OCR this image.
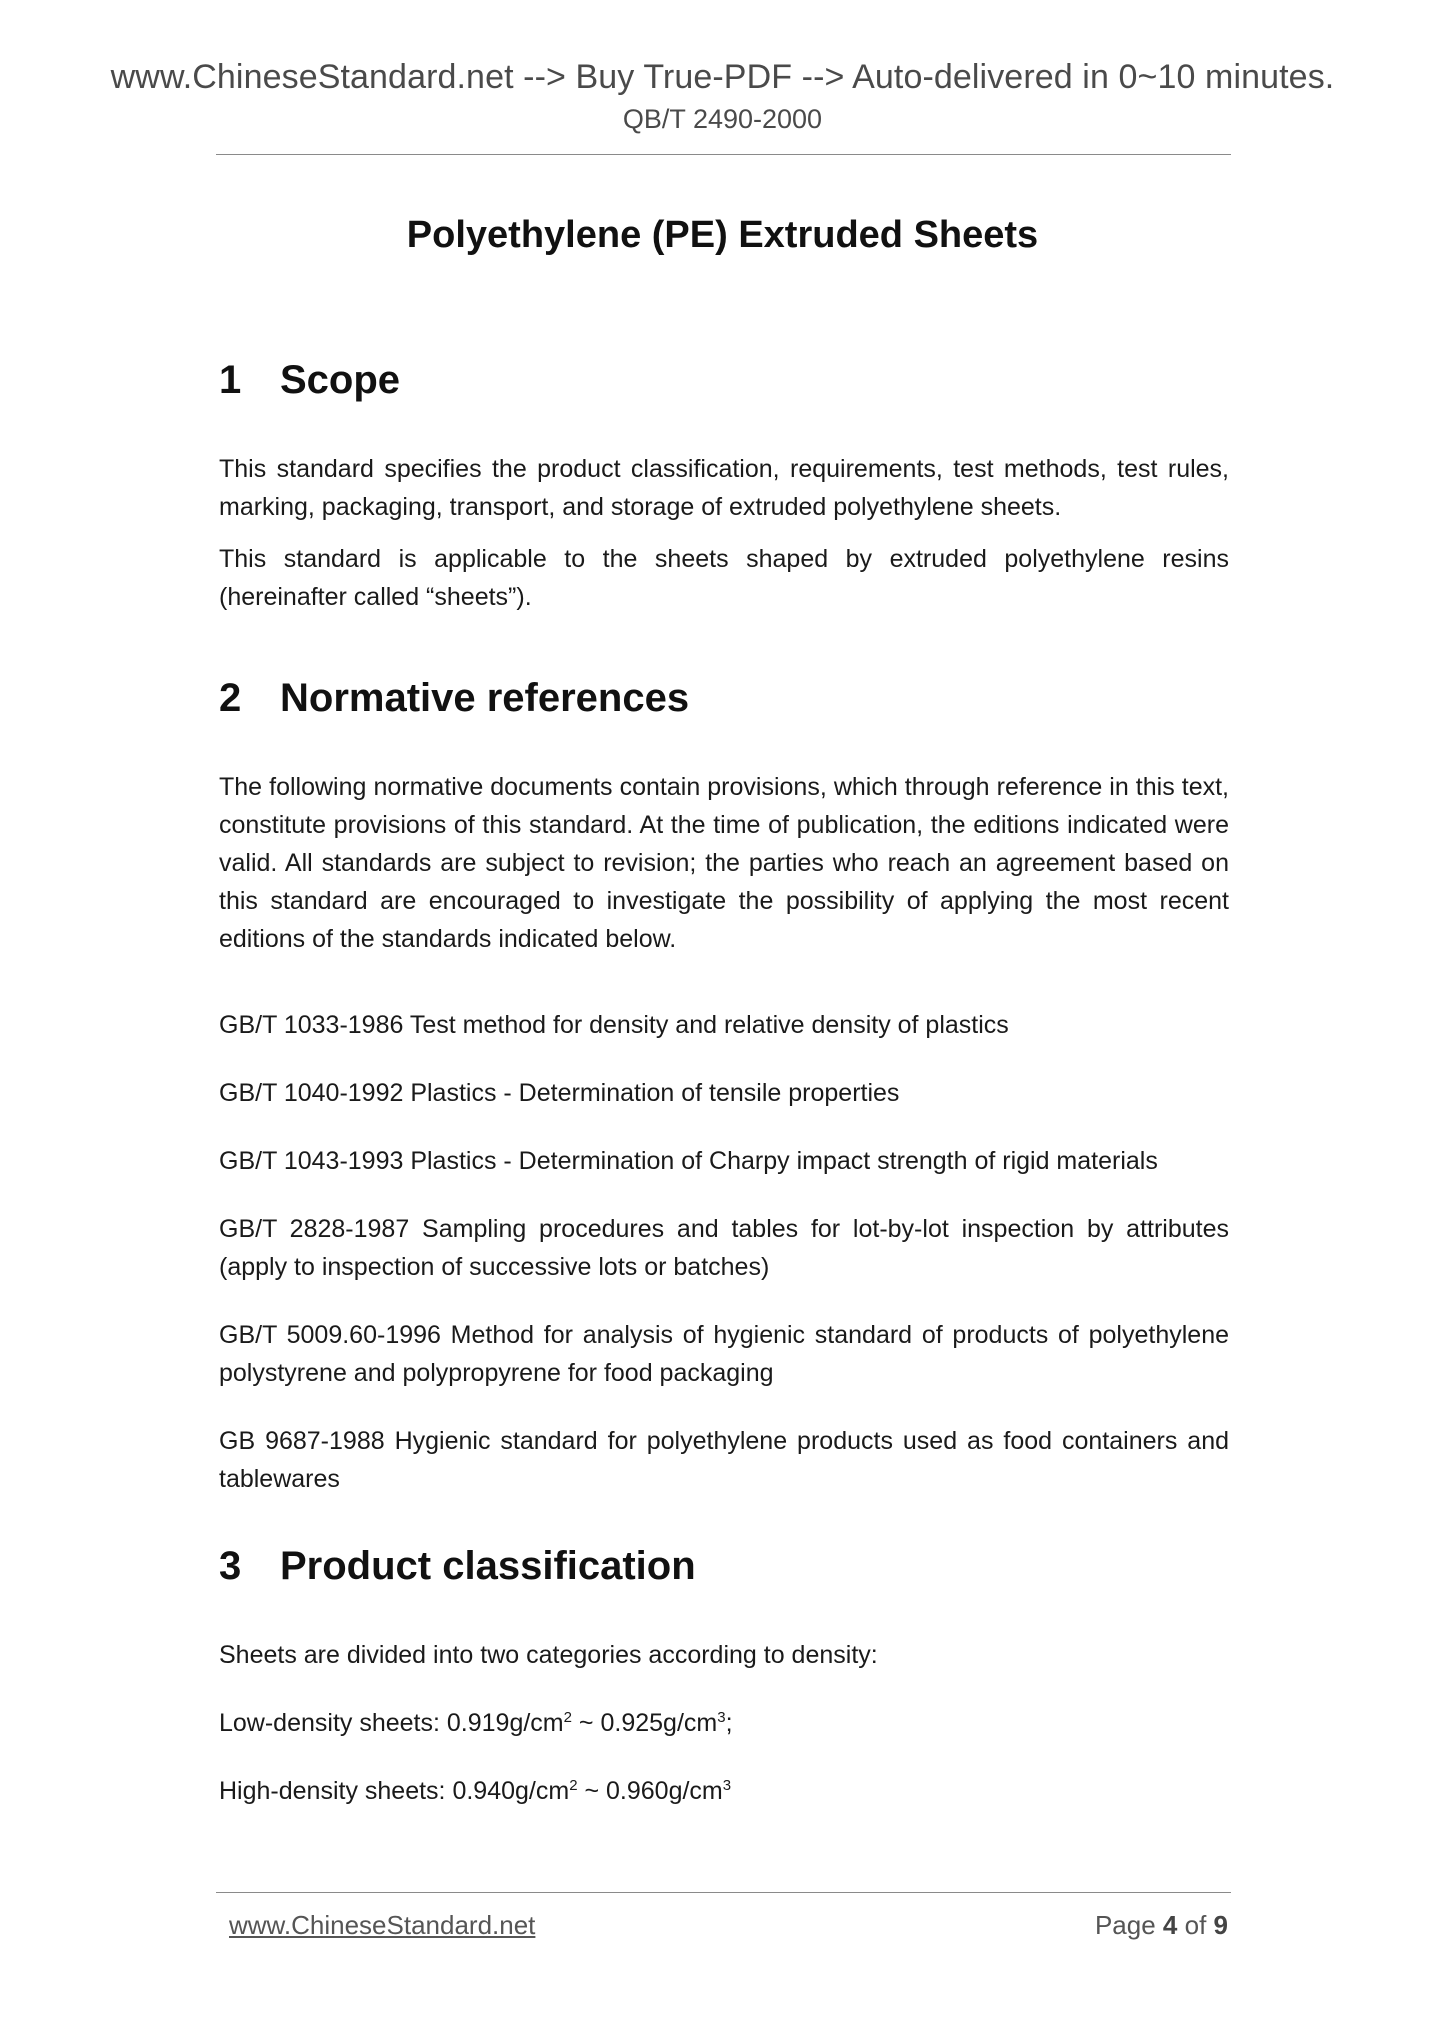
www.ChineseStandard.net --> Buy True-PDF --> Auto-delivered in 0~10 minutes.
QB/T 2490-2000
Polyethylene (PE) Extruded Sheets
1 Scope
This standard specifies the product classification, requirements, test methods, test rules, marking, packaging, transport, and storage of extruded polyethylene sheets.
This standard is applicable to the sheets shaped by extruded polyethylene resins (hereinafter called “sheets”).
2 Normative references
The following normative documents contain provisions, which through reference in this text, constitute provisions of this standard. At the time of publication, the editions indicated were valid. All standards are subject to revision; the parties who reach an agreement based on this standard are encouraged to investigate the possibility of applying the most recent editions of the standards indicated below.
GB/T 1033-1986 Test method for density and relative density of plastics
GB/T 1040-1992 Plastics - Determination of tensile properties
GB/T 1043-1993 Plastics - Determination of Charpy impact strength of rigid materials
GB/T 2828-1987 Sampling procedures and tables for lot-by-lot inspection by attributes (apply to inspection of successive lots or batches)
GB/T 5009.60-1996 Method for analysis of hygienic standard of products of polyethylene polystyrene and polypropyrene for food packaging
GB 9687-1988 Hygienic standard for polyethylene products used as food containers and tablewares
3 Product classification
Sheets are divided into two categories according to density:
Low-density sheets: $0.919g/cm^2$ ~ $0.925g/cm^3$;
High-density sheets: $0.940g/cm^2$ ~ $0.960g/cm^3$
www.ChineseStandard.net	Page 4 of 9
